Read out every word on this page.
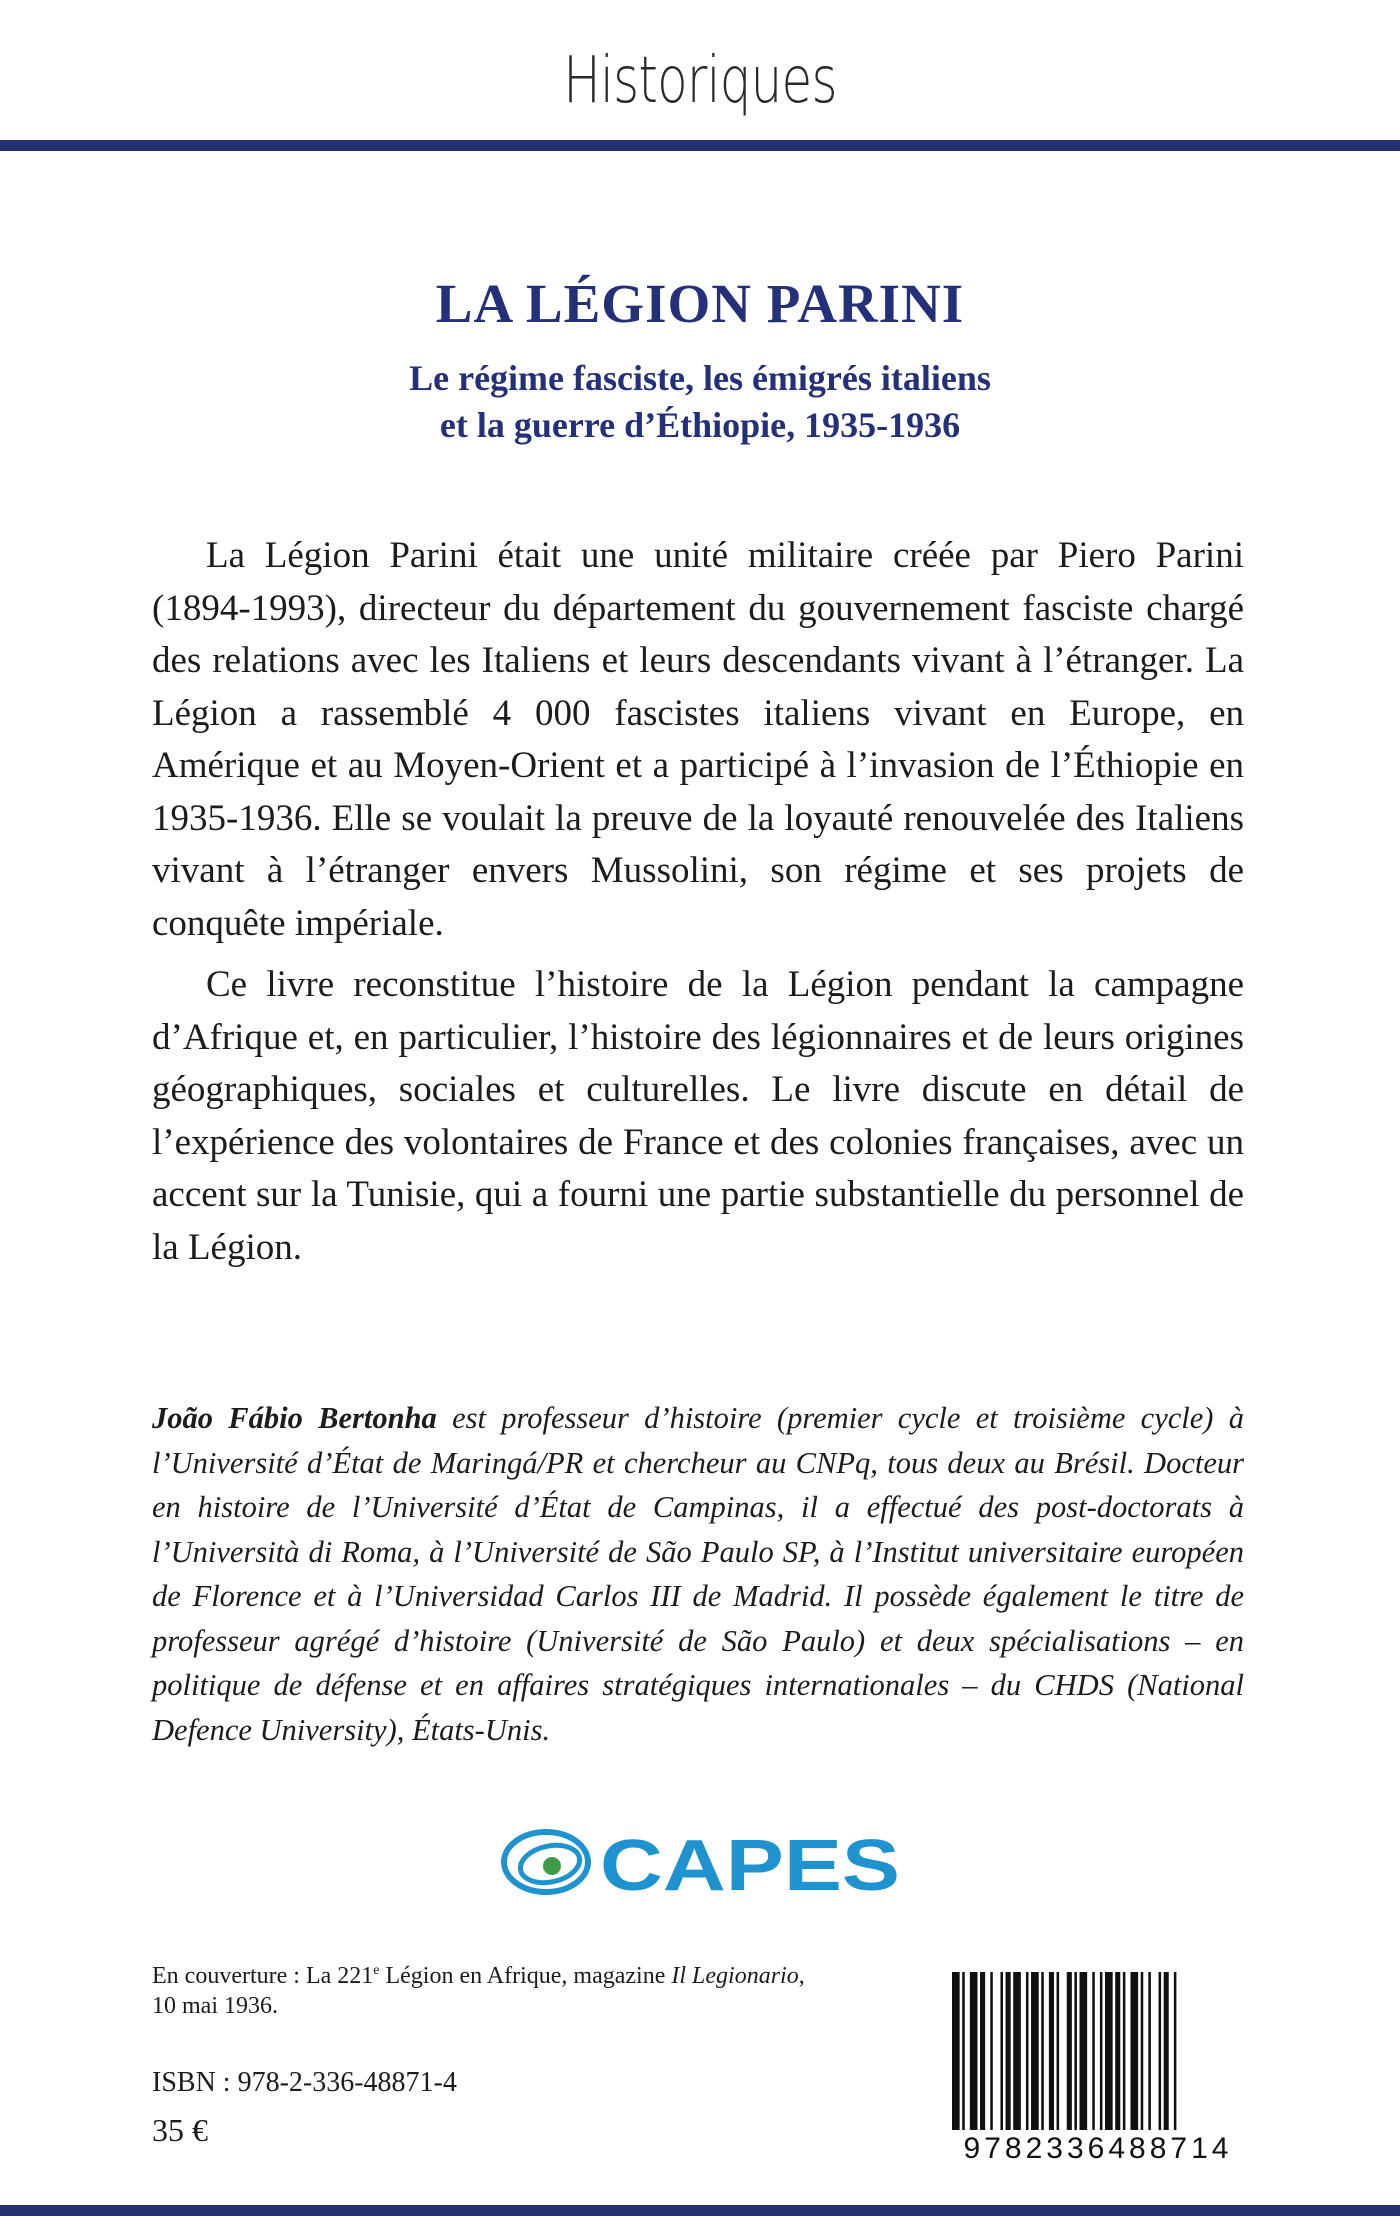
Historiques
LA LÉGION PARINI
Le régime fasciste, les émigrés italiens
et la guerre d’Éthiopie, 1935-1936

La Légion Parini était une unité militaire créée par Piero Parini (1894-1993), directeur du département du gouvernement fasciste chargé des relations avec les Italiens et leurs descendants vivant à l’étranger. La Légion a rassemblé 4 000 fascistes italiens vivant en Europe, en Amérique et au Moyen-Orient et a participé à l’invasion de l’Éthiopie en 1935-1936. Elle se voulait la preuve de la loyauté renouvelée des Italiens vivant à l’étranger envers Mussolini, son régime et ses projets de conquête impériale.

Ce livre reconstitue l’histoire de la Légion pendant la campagne d’Afrique et, en particulier, l’histoire des légionnaires et de leurs origines géographiques, sociales et culturelles. Le livre discute en détail de l’expérience des volontaires de France et des colonies françaises, avec un accent sur la Tunisie, qui a fourni une partie substantielle du personnel de la Légion.

João Fábio Bertonha est professeur d’histoire (premier cycle et troisième cycle) à l’Université d’État de Maringá/PR et chercheur au CNPq, tous deux au Brésil. Docteur en histoire de l’Université d’État de Campinas, il a effectué des post-doctorats à l’Università di Roma, à l’Université de São Paulo SP, à l’Institut universitaire européen de Florence et à l’Universidad Carlos III de Madrid. Il possède également le titre de professeur agrégé d’histoire (Université de São Paulo) et deux spécialisations – en politique de défense et en affaires stratégiques internationales – du CHDS (National Defence University), États-Unis.

CAPES

En couverture : La 221e Légion en Afrique, magazine Il Legionario,
10 mai 1936.

ISBN : 978-2-336-48871-4

35 €

9782336488714
